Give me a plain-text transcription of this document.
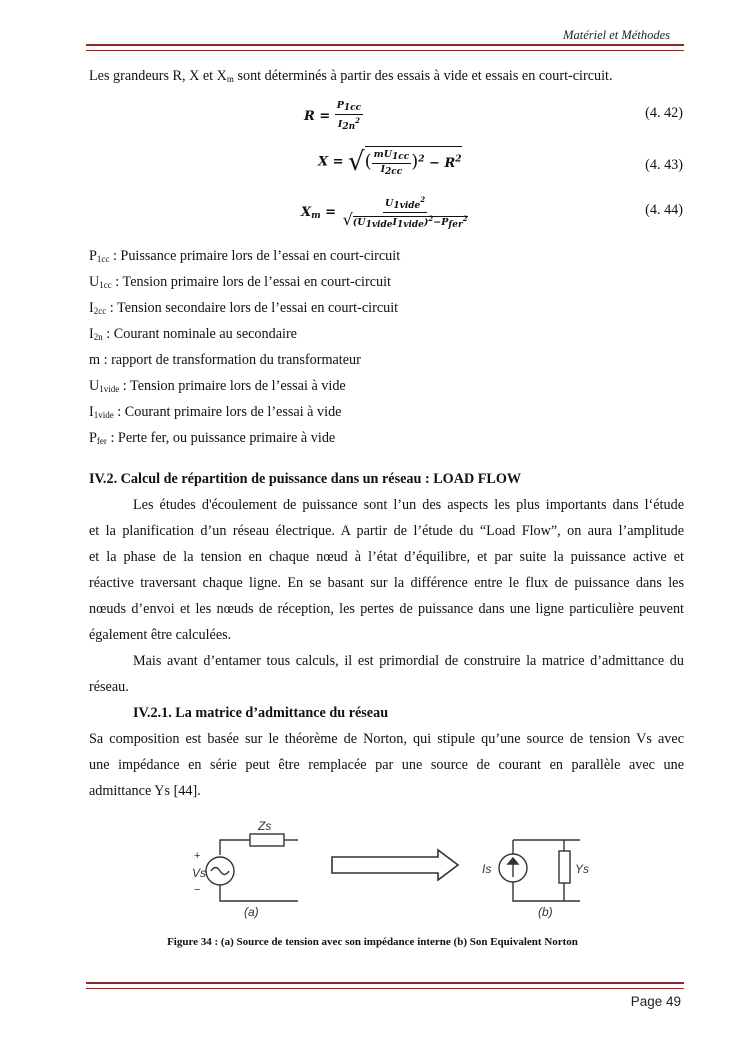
Matériel et Méthodes
Les grandeurs R, X et $X_m$ sont déterminés à partir des essais à vide et essais en court-circuit.
$R = \frac{P_{1cc}}{I_{2n}^2}$	(4. 42)
X = √( $\frac{mU_{1cc}}{I_{2cc}} )^2 - R^2$	(4. 43)
$X_m = \frac{U_{1vide}^2}{√(U_{1vide}I_{1vide})^2-P_{fer}^2}$	(4. 44)
$P_{1cc}$ : Puissance primaire lors de l’essai en court-circuit
$U_{1cc}$ : Tension primaire lors de l’essai en court-circuit
$I_{2cc}$ : Tension secondaire lors de l’essai en court-circuit
$I_{2n}$ : Courant nominale au secondaire
m : rapport de transformation du transformateur
$U_{1vide}$ : Tension primaire lors de l’essai à vide
$I_{1vide}$ : Courant primaire lors de l’essai à vide
$P_{fer}$ : Perte fer, ou puissance primaire à vide
IV.2. Calcul de répartition de puissance dans un réseau : LOAD FLOW
Les études d'écoulement de puissance sont l’un des aspects les plus importants dans l‘étude
et la planification d’un réseau électrique. A partir de l’étude du “Load Flow”, on aura l’amplitude
et la phase de la tension en chaque nœud à l’état d’équilibre, et par suite la puissance active et
réactive traversant chaque ligne. En se basant sur la différence entre le flux de puissance dans les
nœuds d’envoi et les nœuds de réception, les pertes de puissance dans une ligne particulière peuvent
également être calculées.
Mais avant d’entamer tous calculs, il est primordial de construire la matrice d’admittance du
réseau.
IV.2.1. La matrice d’admittance du réseau
Sa composition est basée sur le théorème de Norton, qui stipule qu’une source de tension Vs avec
une impédance en série peut être remplacée par une source de courant en parallèle avec une
admittance Ys [44].
Zs
+
Vs
−
(a)
Is	Ys
(b)
Figure 34 : (a) Source de tension avec son impédance interne (b) Son Equivalent Norton
Page 49
